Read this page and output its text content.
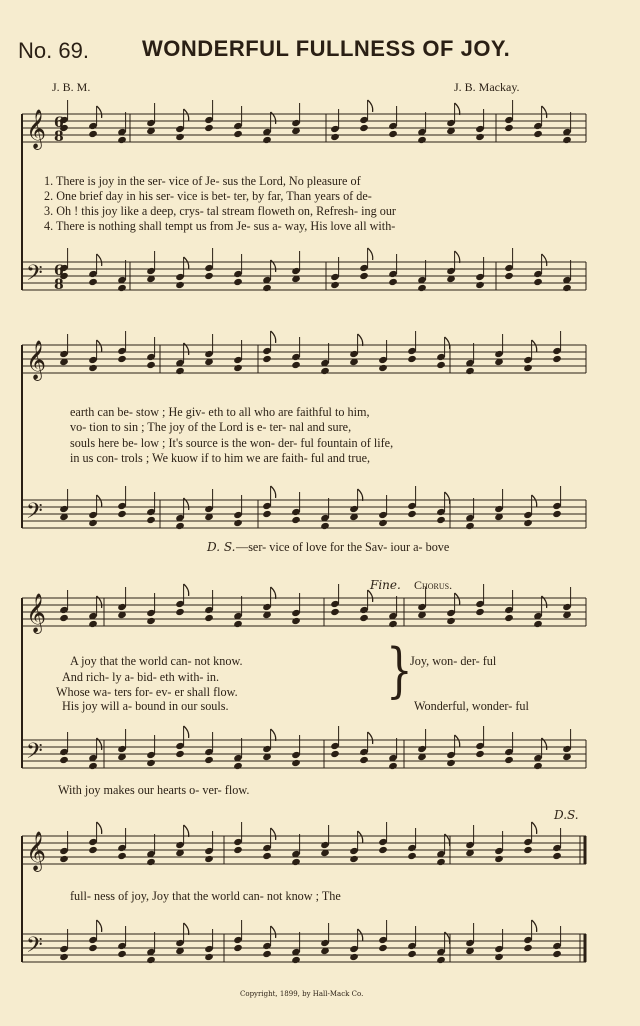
No. 69. WONDERFUL FULLNESS OF JOY.
J. B. M.	J. B. Mackay.
𝄞
𝄢
𝄞
𝄢
𝄞
𝄢
𝄞
𝄢
6
8
6
8
1. There is joy in the ser- vice of Je- sus the Lord, No pleasure of
2. One brief day in his ser- vice is bet- ter, by far, Than years of de-
3. Oh ! this joy like a deep, crys- tal stream floweth on, Refresh- ing our
4. There is nothing shall tempt us from Je- sus a- way, His love all with-
earth can be- stow ; He giv- eth to all who are faithful to him,
vo- tion to sin ; The joy of the Lord is e- ter- nal and sure,
souls here be- low ; It's source is the won- der- ful fountain of life,
in us con- trols ; We kuow if to him we are faith- ful and true,
D. S. —ser- vice of love for the Sav- iour a- bove
Fine. Chorus.
A joy that the world can- not know.
And rich- ly a- bid- eth with- in.
Whose wa- ters for- ev- er shall flow.
His joy will a- bound in our souls.
}
Joy, won- der- ful
Wonderful, wonder- ful
With joy makes our hearts o- ver- flow.
D.S.
full- ness of joy, Joy that the world can- not know ; The
Copyright, 1899, by Hall-Mack Co.
